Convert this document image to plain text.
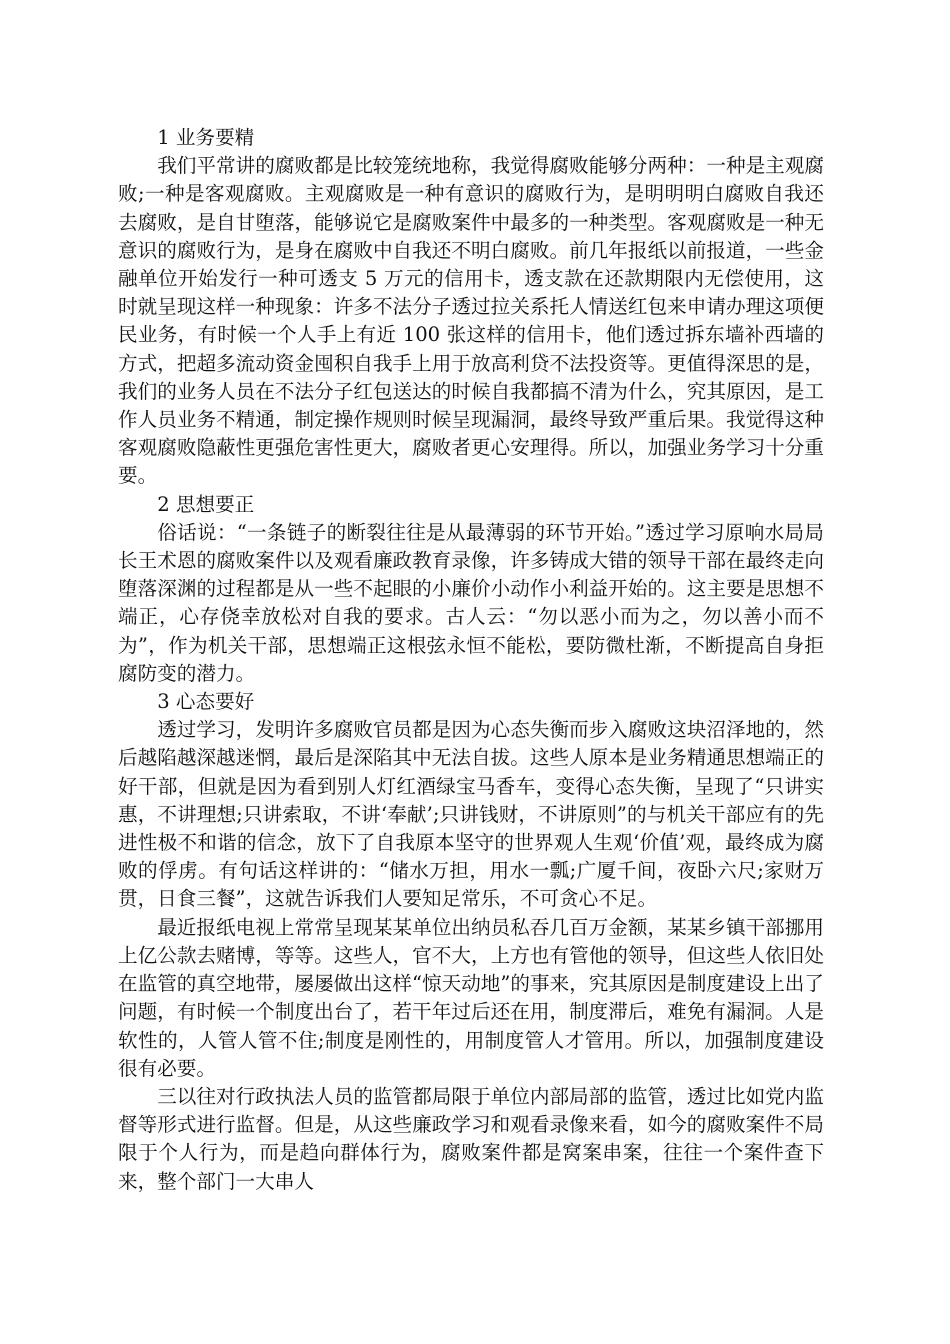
1 业务要精

我们平常讲的腐败都是比较笼统地称，我觉得腐败能够分两种：一种是主观腐败;一种是客观腐败。主观腐败是一种有意识的腐败行为，是明明明白腐败自我还去腐败，是自甘堕落，能够说它是腐败案件中最多的一种类型。客观腐败是一种无意识的腐败行为，是身在腐败中自我还不明白腐败。前几年报纸以前报道，一些金融单位开始发行一种可透支 5 万元的信用卡，透支款在还款期限内无偿使用，这时就呈现这样一种现象：许多不法分子透过拉关系托人情送红包来申请办理这项便民业务，有时候一个人手上有近 100 张这样的信用卡，他们透过拆东墙补西墙的方式，把超多流动资金囤积自我手上用于放高利贷不法投资等。更值得深思的是，我们的业务人员在不法分子红包送达的时候自我都搞不清为什么，究其原因，是工作人员业务不精通，制定操作规则时候呈现漏洞，最终导致严重后果。我觉得这种客观腐败隐蔽性更强危害性更大，腐败者更心安理得。所以，加强业务学习十分重要。

2 思想要正

俗话说：“一条链子的断裂往往是从最薄弱的环节开始。”透过学习原响水局局长王术恩的腐败案件以及观看廉政教育录像，许多铸成大错的领导干部在最终走向堕落深渊的过程都是从一些不起眼的小廉价小动作小利益开始的。这主要是思想不端正，心存侥幸放松对自我的要求。古人云：“勿以恶小而为之，勿以善小而不为”，作为机关干部，思想端正这根弦永恒不能松，要防微杜渐，不断提高自身拒腐防变的潜力。

3 心态要好

透过学习，发明许多腐败官员都是因为心态失衡而步入腐败这块沼泽地的，然后越陷越深越迷惘，最后是深陷其中无法自拔。这些人原本是业务精通思想端正的好干部，但就是因为看到别人灯红酒绿宝马香车，变得心态失衡，呈现了“只讲实惠，不讲理想;只讲索取，不讲‘奉献’;只讲钱财，不讲原则”的与机关干部应有的先进性极不和谐的信念，放下了自我原本坚守的世界观人生观‘价值’观，最终成为腐败的俘虏。有句话这样讲的：“储水万担，用水一瓢;广厦千间，夜卧六尺;家财万贯，日食三餐”，这就告诉我们人要知足常乐，不可贪心不足。

最近报纸电视上常常呈现某某单位出纳员私吞几百万金额，某某乡镇干部挪用上亿公款去赌博，等等。这些人，官不大，上方也有管他的领导，但这些人依旧处在监管的真空地带，屡屡做出这样“惊天动地”的事来，究其原因是制度建设上出了问题，有时候一个制度出台了，若干年过后还在用，制度滞后，难免有漏洞。人是软性的，人管人管不住;制度是刚性的，用制度管人才管用。所以，加强制度建设很有必要。

三以往对行政执法人员的监管都局限于单位内部局部的监管，透过比如党内监督等形式进行监督。但是，从这些廉政学习和观看录像来看，如今的腐败案件不局限于个人行为，而是趋向群体行为，腐败案件都是窝案串案，往往一个案件查下来，整个部门一大串人
